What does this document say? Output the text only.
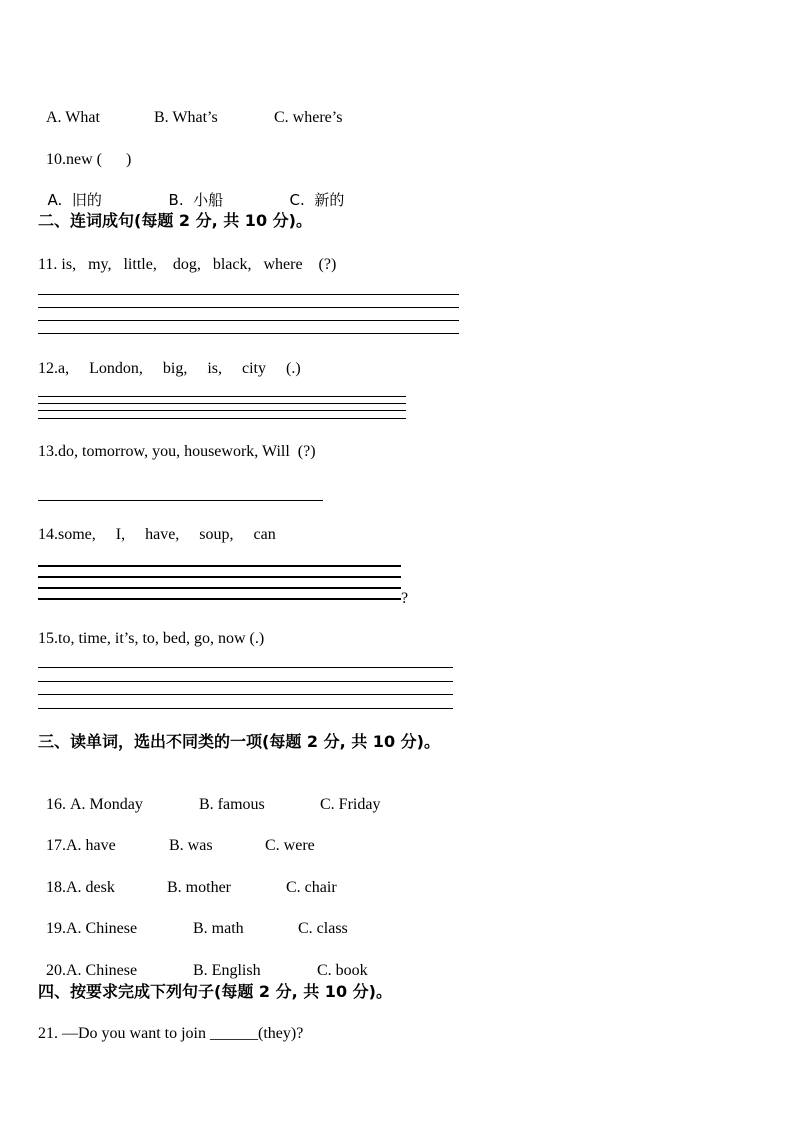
A. What	B. What’s	C. where’s

10.new ( )

A.  旧的	B.  小船	C.  新的

二、连词成句(每题 2 分, 共 10 分)。
11. is,   my,   little,    dog,   black,   where    (?)
12.a,     London,     big,     is,     city     (.)
13.do, tomorrow, you, housework, Will  (?)
14.some,     I,     have,     soup,     can
?
15.to, time, it’s, to, bed, go, now (.)
三、读单词，选出不同类的一项(每题 2 分, 共 10 分)。

16. A. Monday	B. famous	C. Friday

17.A. have	B. was	C. were

18.A. desk	B. mother	C. chair

19.A. Chinese	B. math	C. class

20.A. Chinese	B. English	C. book

四、按要求完成下列句子(每题 2 分, 共 10 分)。
21. —Do you want to join ______(they)?
